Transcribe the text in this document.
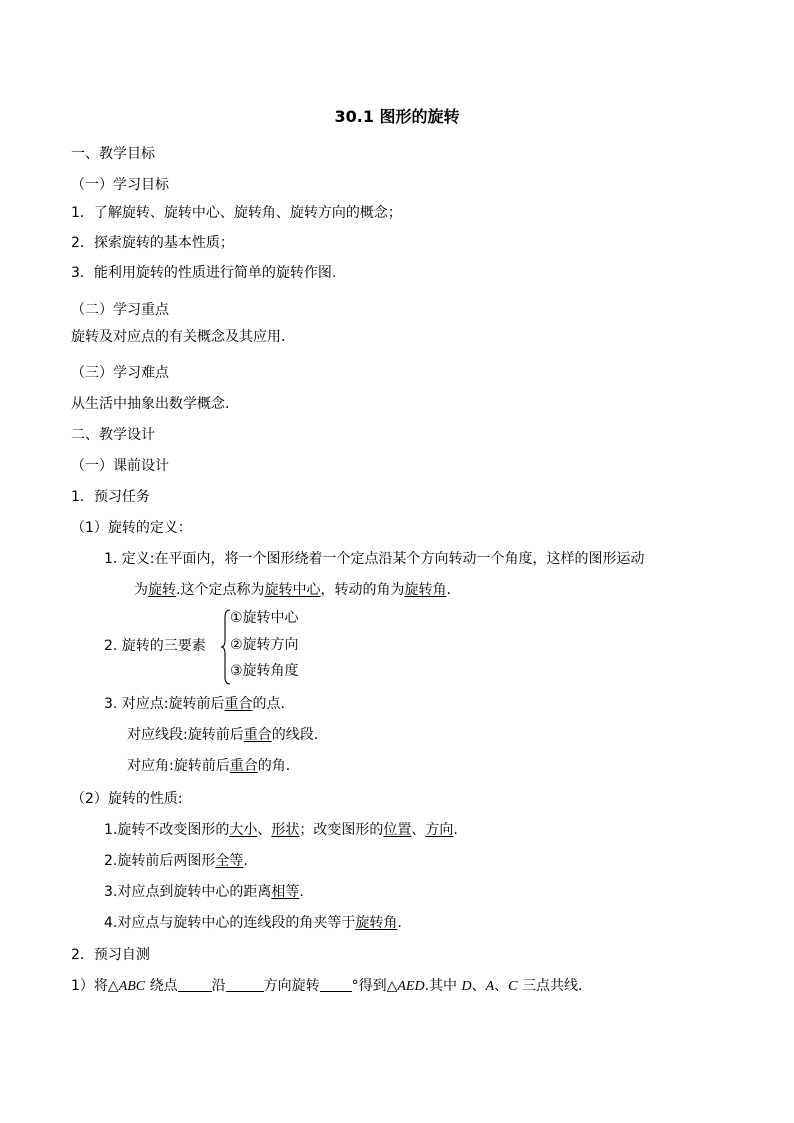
30.1 图形的旋转
一、教学目标
（一）学习目标
1．了解旋转、旋转中心、旋转角、旋转方向的概念；
2．探索旋转的基本性质；
3．能利用旋转的性质进行简单的旋转作图.
（二）学习重点
旋转及对应点的有关概念及其应用．
（三）学习难点
从生活中抽象出数学概念.
二、教学设计
（一）课前设计
1．预习任务
（1）旋转的定义：
1. 定义:在平面内，将一个图形绕着一个定点沿某个方向转动一个角度，这样的图形运动
为旋转.这个定点称为旋转中心，转动的角为旋转角.
2. 旋转的三要素
①旋转中心
②旋转方向
③旋转角度
3. 对应点:旋转前后重合的点.
对应线段:旋转前后重合的线段.
对应角:旋转前后重合的角.
（2）旋转的性质:
1.旋转不改变图形的大小、形状；改变图形的位置、方向.
2.旋转前后两图形全等.
3.对应点到旋转中心的距离相等.
4.对应点与旋转中心的连线段的角夹等于旋转角.
2．预习自测
1）将△ABC 绕点 沿	方向旋转 °得到△AED.其中 D、A、C 三点共线.
